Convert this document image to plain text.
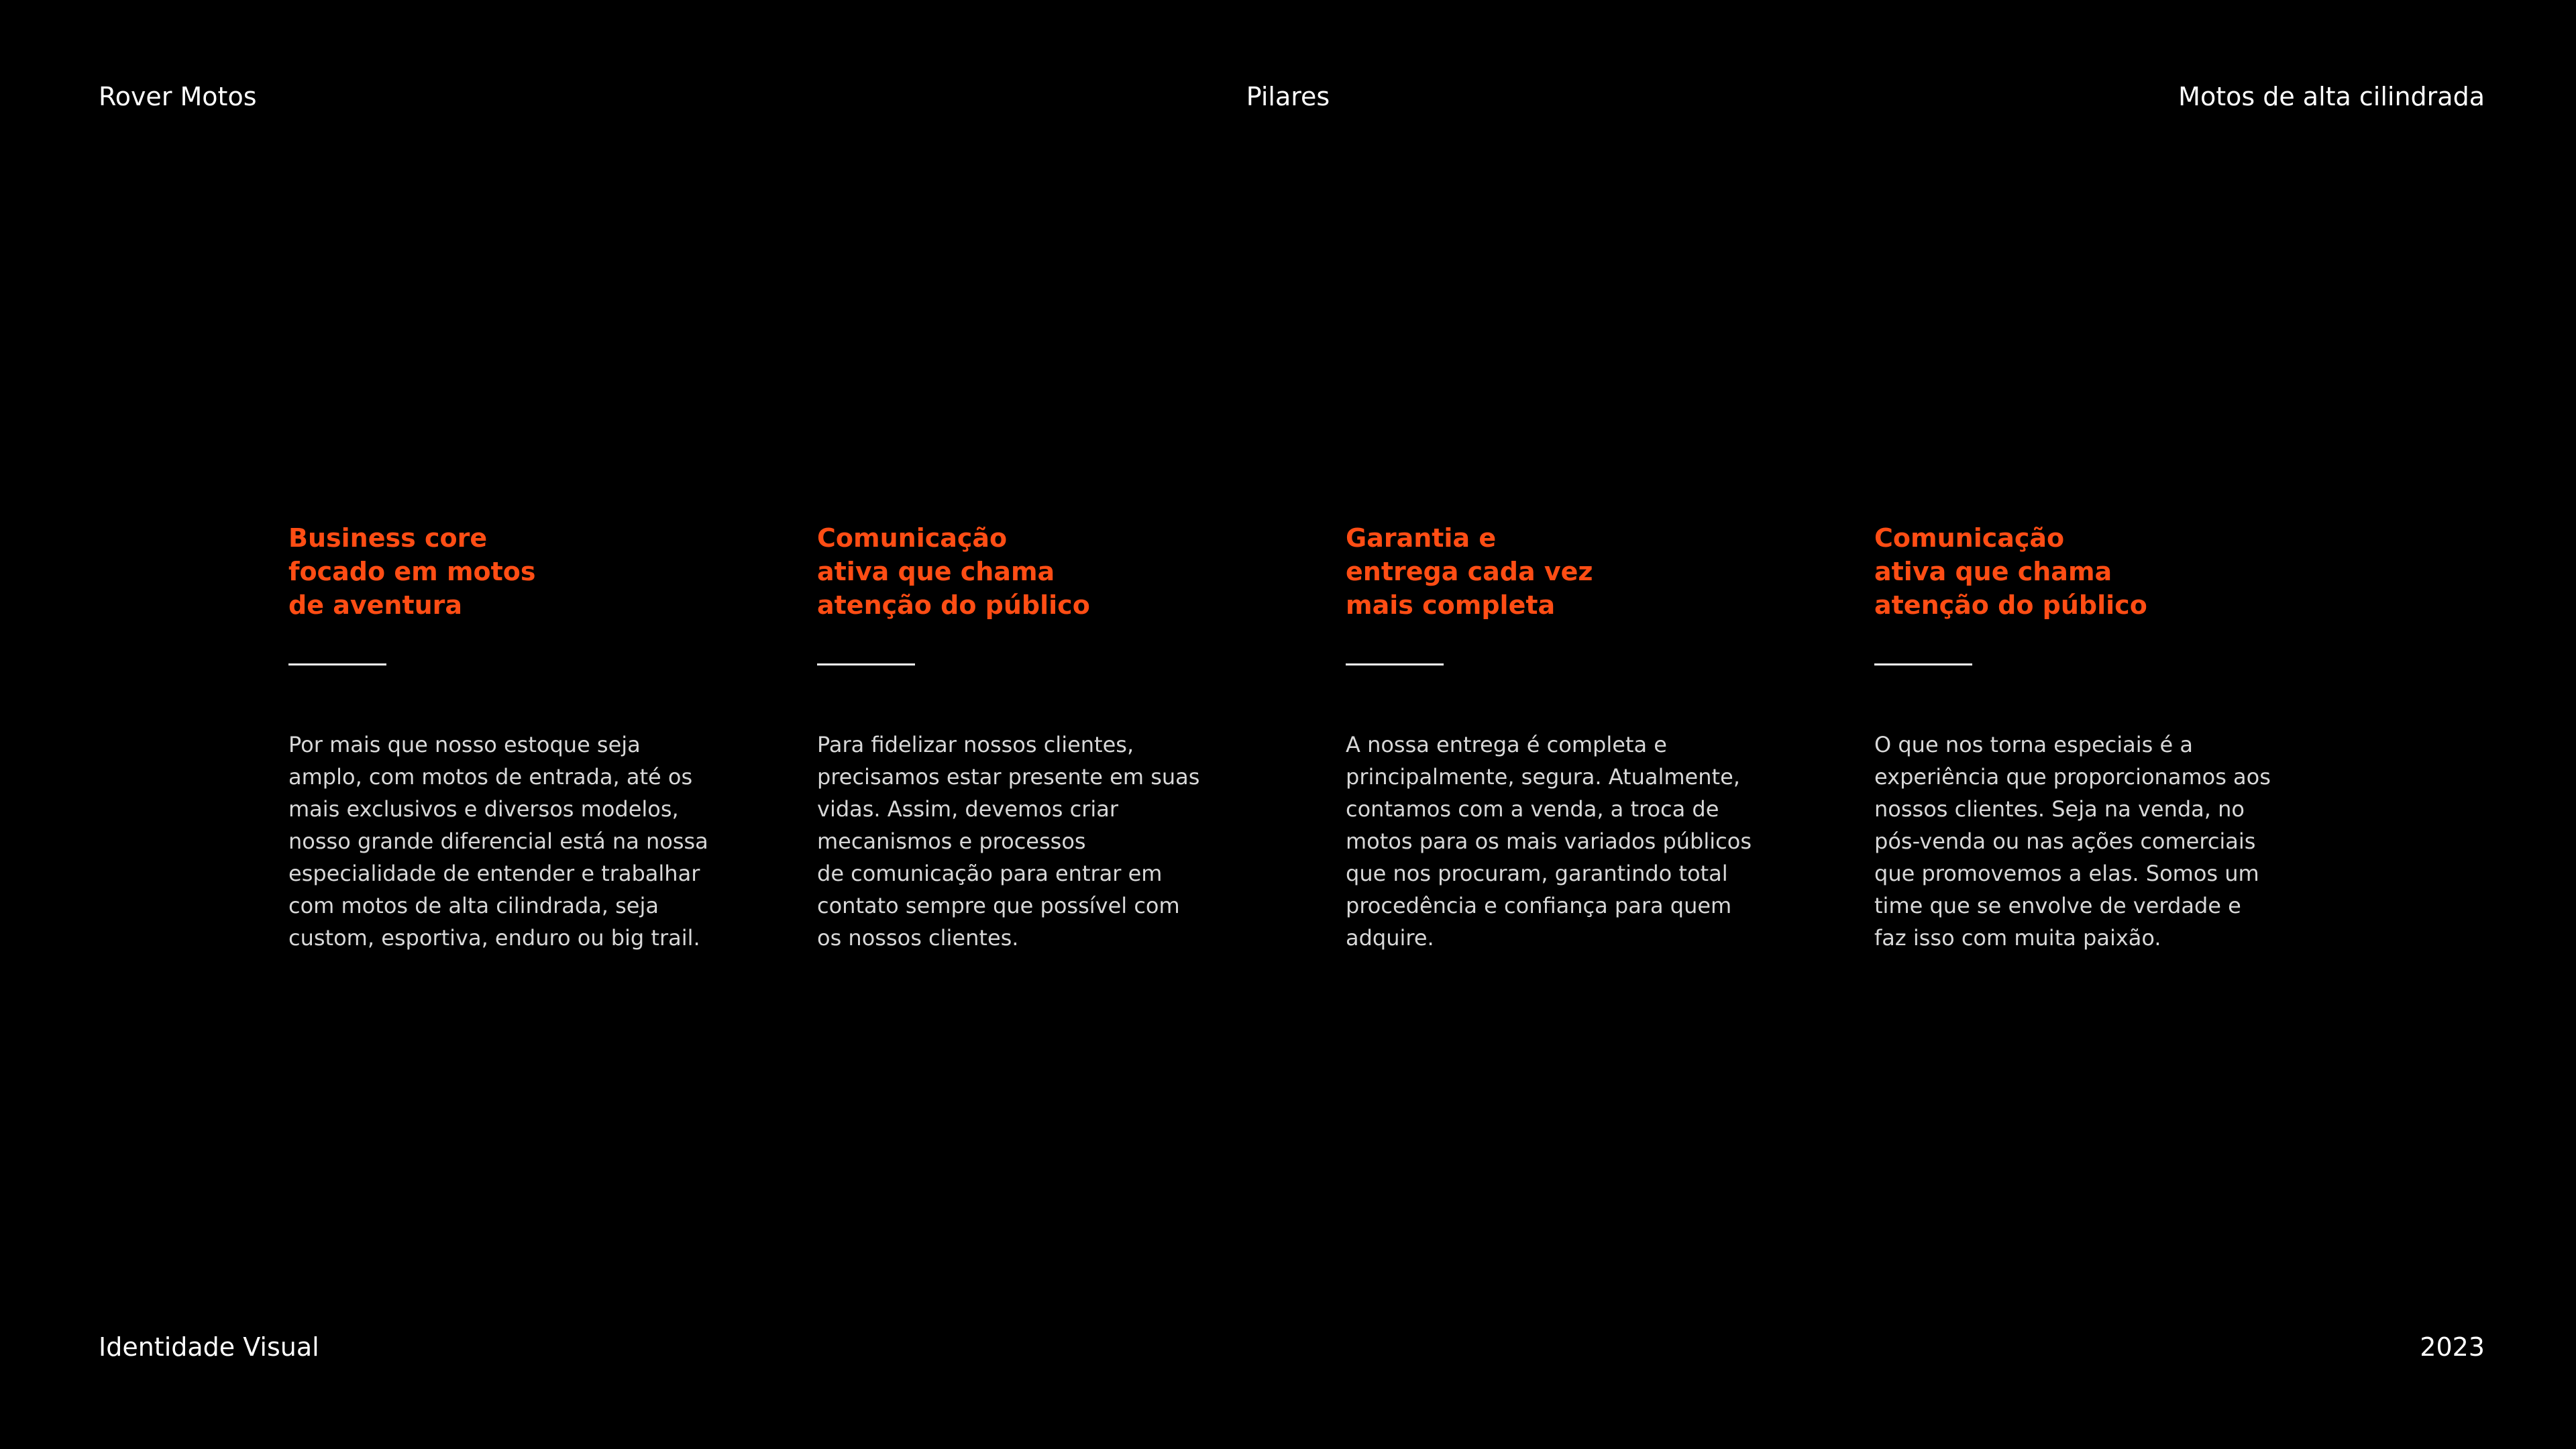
Rover Motos	Pilares	Motos de alta cilindrada
Business core
focado em motos
de aventura

Por mais que nosso estoque seja
amplo, com motos de entrada, até os
mais exclusivos e diversos modelos,
nosso grande diferencial está na nossa
especialidade de entender e trabalhar
com motos de alta cilindrada, seja
custom, esportiva, enduro ou big trail.

Comunicação
ativa que chama
atenção do público

Para fidelizar nossos clientes,
precisamos estar presente em suas
vidas. Assim, devemos criar
mecanismos e processos
de comunicação para entrar em
contato sempre que possível com
os nossos clientes.

Garantia e
entrega cada vez
mais completa

A nossa entrega é completa e
principalmente, segura. Atualmente,
contamos com a venda, a troca de
motos para os mais variados públicos
que nos procuram, garantindo total
procedência e confiança para quem
adquire.

Comunicação
ativa que chama
atenção do público

O que nos torna especiais é a
experiência que proporcionamos aos
nossos clientes. Seja na venda, no
pós-venda ou nas ações comerciais
que promovemos a elas. Somos um
time que se envolve de verdade e
faz isso com muita paixão.

Identidade Visual	2023
